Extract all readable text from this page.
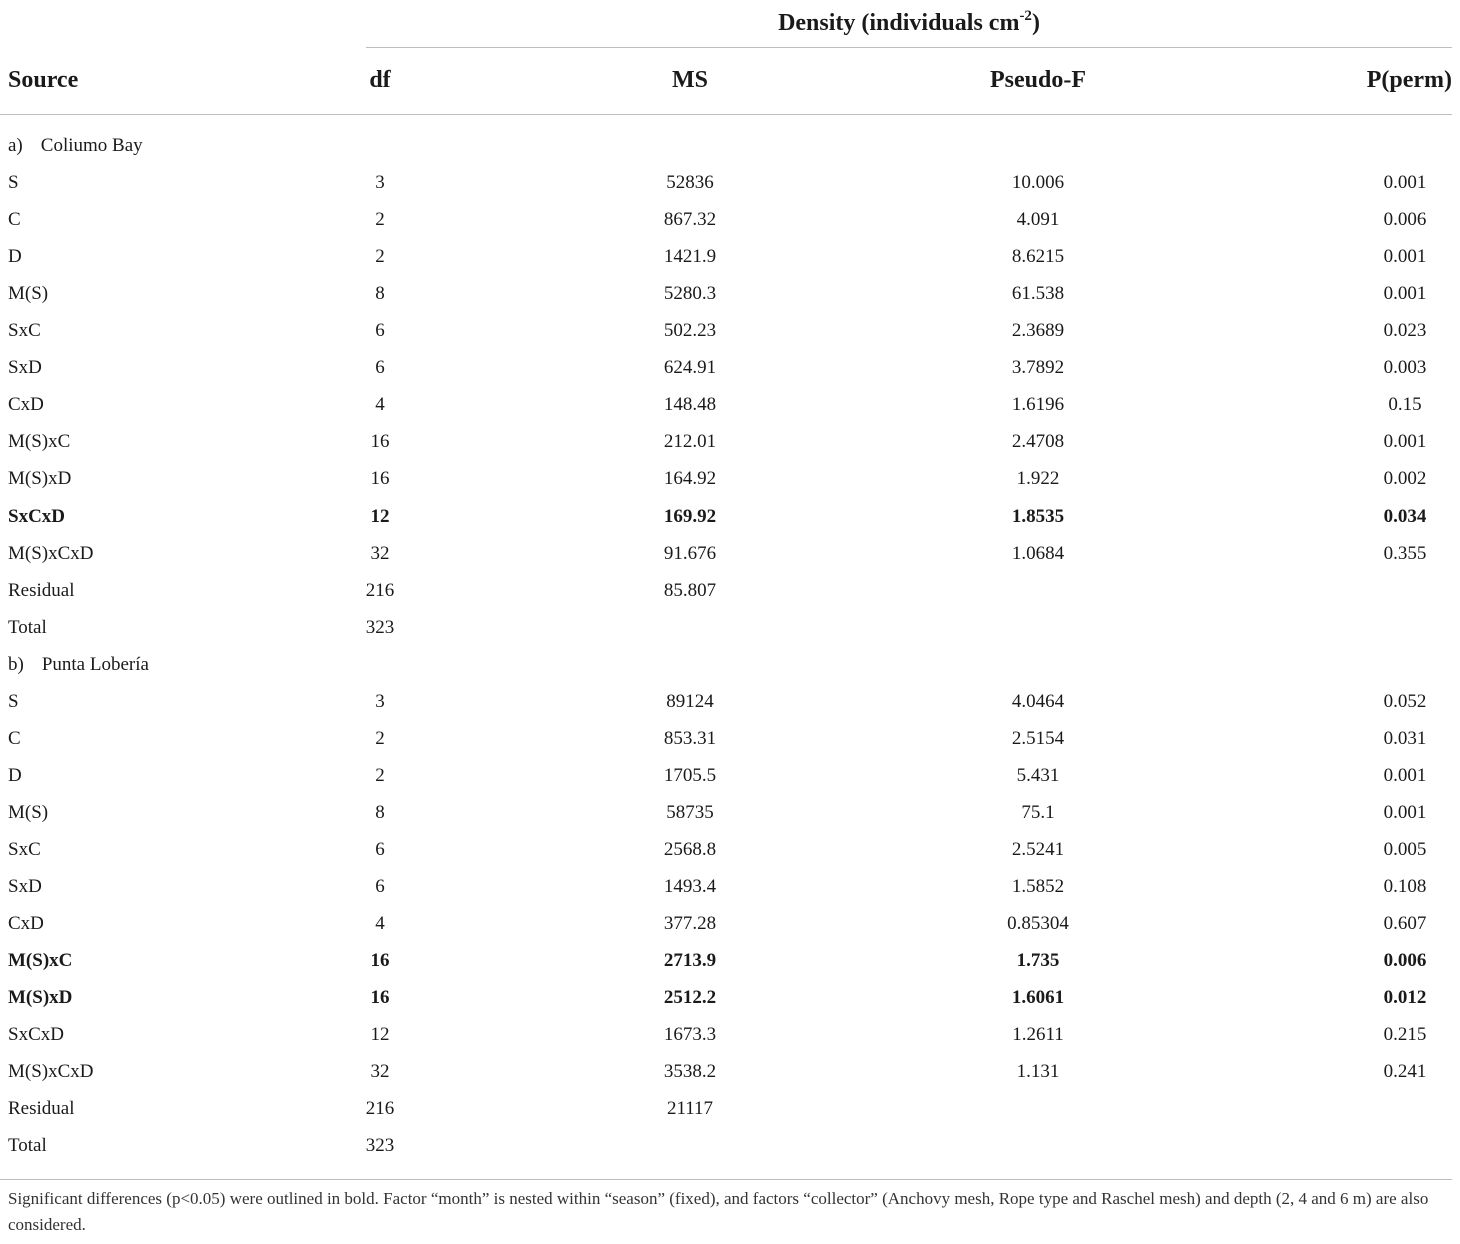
Density (individuals $cm^{-2}$)
Source	df	MS	Pseudo-F	P(perm)
a) Coliumo Bay
S	3	52836	10.006	0.001
C	2	867.32	4.091	0.006
D	2	1421.9	8.6215	0.001
M(S)	8	5280.3	61.538	0.001
SxC	6	502.23	2.3689	0.023
SxD	6	624.91	3.7892	0.003
CxD	4	148.48	1.6196	0.15
M(S)xC	16	212.01	2.4708	0.001
M(S)xD	16	164.92	1.922	0.002
SxCxD	12	169.92	1.8535	0.034
M(S)xCxD	32	91.676	1.0684	0.355
Residual	216	85.807
Total	323
b) Punta Lobería
S	3	89124	4.0464	0.052
C	2	853.31	2.5154	0.031
D	2	1705.5	5.431	0.001
M(S)	8	58735	75.1	0.001
SxC	6	2568.8	2.5241	0.005
SxD	6	1493.4	1.5852	0.108
CxD	4	377.28	0.85304	0.607
M(S)xC	16	2713.9	1.735	0.006
M(S)xD	16	2512.2	1.6061	0.012
SxCxD	12	1673.3	1.2611	0.215
M(S)xCxD	32	3538.2	1.131	0.241
Residual	216	21117
Total	323
Significant differences (p<0.05) were outlined in bold. Factor “month” is nested within “season” (fixed), and factors “collector” (Anchovy mesh, Rope type and Raschel mesh) and depth (2, 4 and 6 m) are also considered.
